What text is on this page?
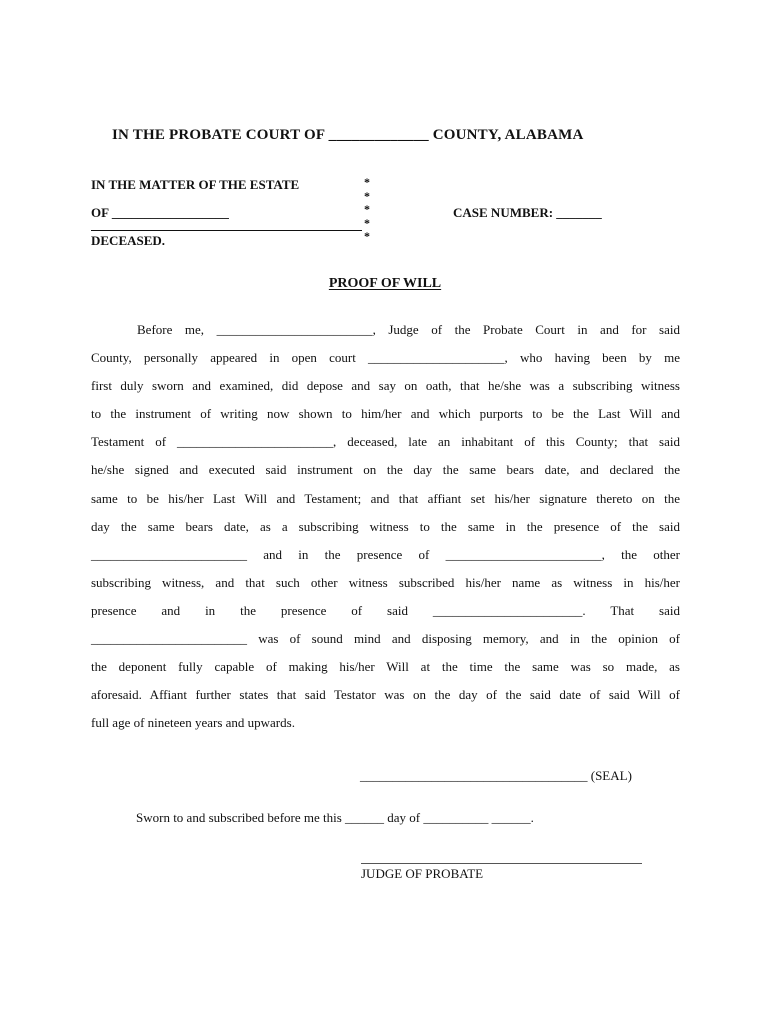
IN THE PROBATE COURT OF _____________ COUNTY, ALABAMA
IN THE MATTER OF THE ESTATE
OF __________________
DECEASED.
*
*
*
*
*
CASE NUMBER: _______
PROOF OF WILL
Before me, ________________________, Judge of the Probate Court in and for said
County, personally appeared in open court _____________________, who having been by me
first duly sworn and examined, did depose and say on oath, that he/she was a subscribing witness
to the instrument of writing now shown to him/her and which purports to be the Last Will and
Testament of ________________________, deceased, late an inhabitant of this County; that said
he/she signed and executed said instrument on the day the same bears date, and declared the
same to be his/her Last Will and Testament; and that affiant set his/her signature thereto on the
day the same bears date, as a subscribing witness to the same in the presence of the said
________________________ and in the presence of ________________________, the other
subscribing witness, and that such other witness subscribed his/her name as witness in his/her
presence and in the presence of said _______________________. That said
________________________ was of sound mind and disposing memory, and in the opinion of
the deponent fully capable of making his/her Will at the time the same was so made, as
aforesaid. Affiant further states that said Testator was on the day of the said date of said Will of
full age of nineteen years and upwards.
___________________________________ (SEAL)
Sworn to and subscribed before me this ______ day of __________ ______.
JUDGE OF PROBATE
